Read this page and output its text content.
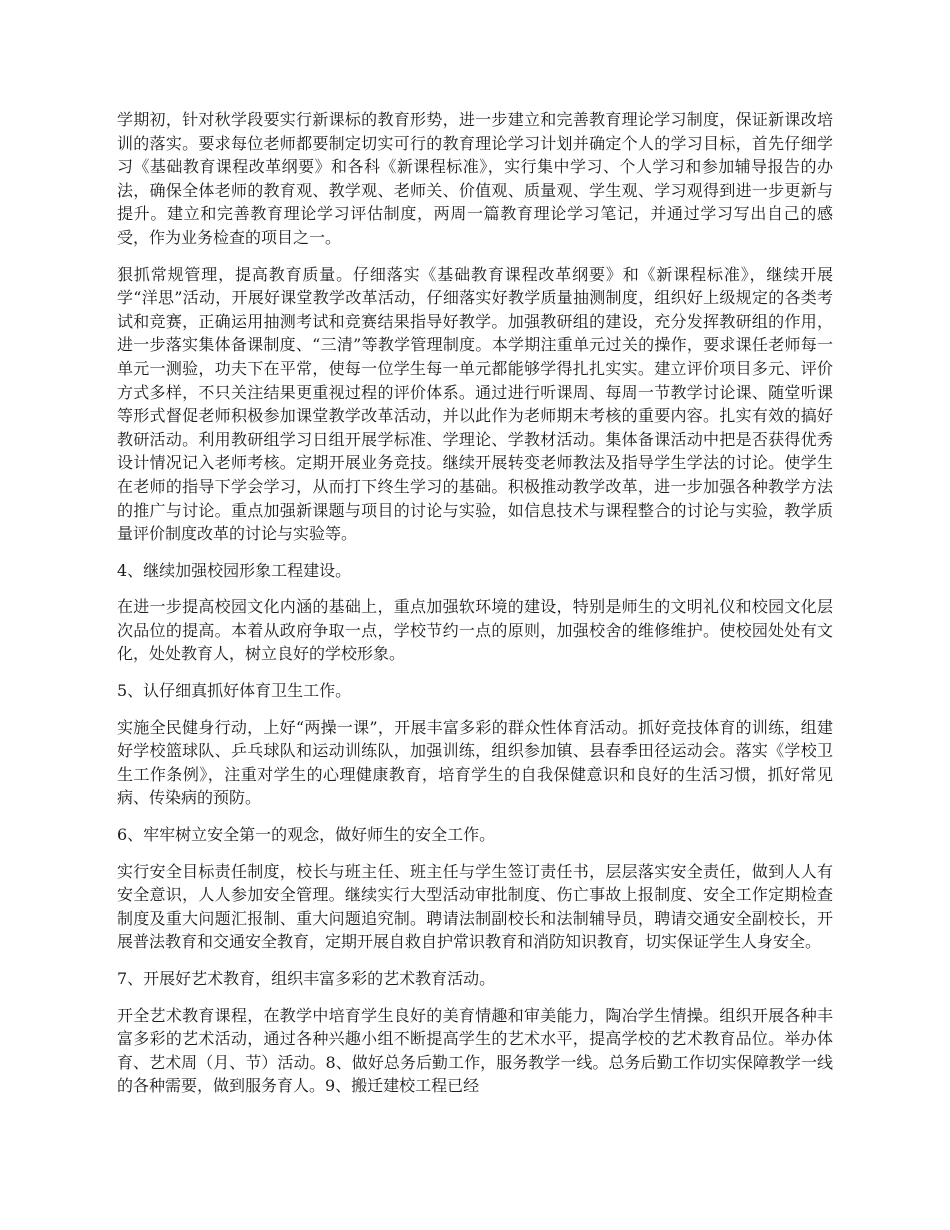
学期初，针对秋学段要实行新课标的教育形势，进一步建立和完善教育理论学习制度，保证新课改培训的落实。要求每位老师都要制定切实可行的教育理论学习计划并确定个人的学习目标，首先仔细学习《基础教育课程改革纲要》和各科《新课程标准》，实行集中学习、个人学习和参加辅导报告的办法，确保全体老师的教育观、教学观、老师关、价值观、质量观、学生观、学习观得到进一步更新与提升。建立和完善教育理论学习评估制度，两周一篇教育理论学习笔记，并通过学习写出自己的感受，作为业务检查的项目之一。

狠抓常规管理，提高教育质量。仔细落实《基础教育课程改革纲要》和《新课程标准》，继续开展学“洋思”活动，开展好课堂教学改革活动，仔细落实好教学质量抽测制度，组织好上级规定的各类考试和竞赛，正确运用抽测考试和竞赛结果指导好教学。加强教研组的建设，充分发挥教研组的作用，进一步落实集体备课制度、“三清”等教学管理制度。本学期注重单元过关的操作，要求课任老师每一单元一测验，功夫下在平常，使每一位学生每一单元都能够学得扎扎实实。建立评价项目多元、评价方式多样，不只关注结果更重视过程的评价体系。通过进行听课周、每周一节教学讨论课、随堂听课等形式督促老师积极参加课堂教学改革活动，并以此作为老师期末考核的重要内容。扎实有效的搞好教研活动。利用教研组学习日组开展学标准、学理论、学教材活动。集体备课活动中把是否获得优秀设计情况记入老师考核。定期开展业务竞技。继续开展转变老师教法及指导学生学法的讨论。使学生在老师的指导下学会学习，从而打下终生学习的基础。积极推动教学改革，进一步加强各种教学方法的推广与讨论。重点加强新课题与项目的讨论与实验，如信息技术与课程整合的讨论与实验，教学质量评价制度改革的讨论与实验等。

4、继续加强校园形象工程建设。

在进一步提高校园文化内涵的基础上，重点加强软环境的建设，特别是师生的文明礼仪和校园文化层次品位的提高。本着从政府争取一点，学校节约一点的原则，加强校舍的维修维护。使校园处处有文化，处处教育人，树立良好的学校形象。

5、认仔细真抓好体育卫生工作。

实施全民健身行动，上好“两操一课”，开展丰富多彩的群众性体育活动。抓好竞技体育的训练，组建好学校篮球队、乒乓球队和运动训练队，加强训练，组织参加镇、县春季田径运动会。落实《学校卫生工作条例》，注重对学生的心理健康教育，培育学生的自我保健意识和良好的生活习惯，抓好常见病、传染病的预防。

6、牢牢树立安全第一的观念，做好师生的安全工作。

实行安全目标责任制度，校长与班主任、班主任与学生签订责任书，层层落实安全责任，做到人人有安全意识，人人参加安全管理。继续实行大型活动审批制度、伤亡事故上报制度、安全工作定期检查制度及重大问题汇报制、重大问题追究制。聘请法制副校长和法制辅导员，聘请交通安全副校长，开展普法教育和交通安全教育，定期开展自救自护常识教育和消防知识教育，切实保证学生人身安全。

7、开展好艺术教育，组织丰富多彩的艺术教育活动。

开全艺术教育课程，在教学中培育学生良好的美育情趣和审美能力，陶冶学生情操。组织开展各种丰富多彩的艺术活动，通过各种兴趣小组不断提高学生的艺术水平，提高学校的艺术教育品位。举办体育、艺术周（月、节）活动。8、做好总务后勤工作，服务教学一线。总务后勤工作切实保障教学一线的各种需要，做到服务育人。9、搬迁建校工程已经
